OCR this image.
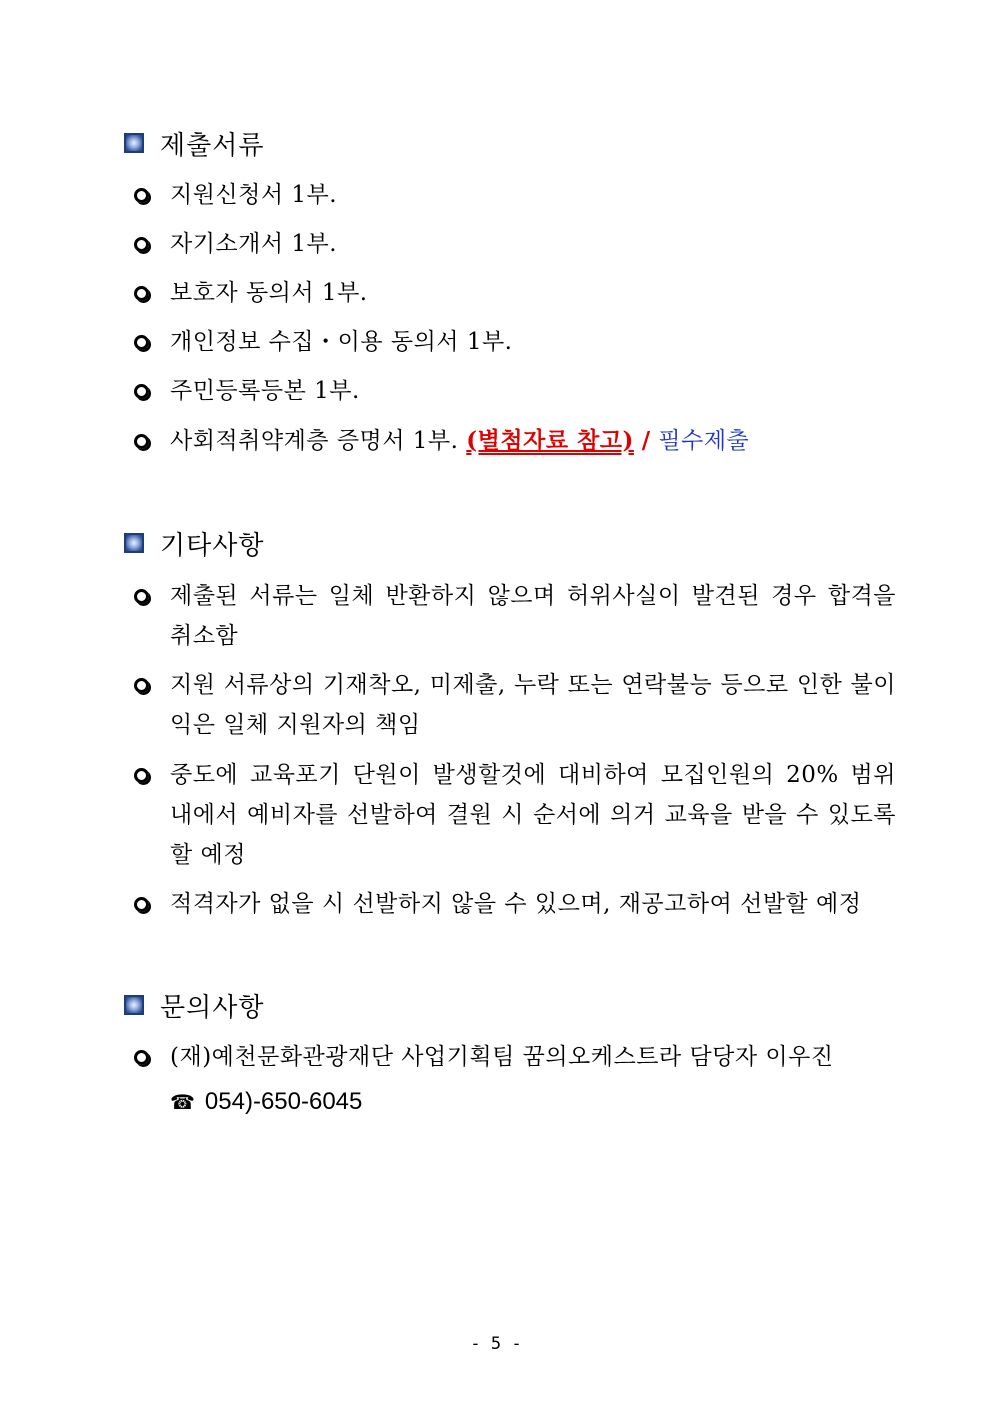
제출서류
지원신청서 1부.
자기소개서 1부.
보호자 동의서 1부.
개인정보 수집・이용 동의서 1부.
주민등록등본 1부.
사회적취약계층 증명서 1부. (별첨자료 참고) / 필수제출
기타사항
제출된 서류는 일체 반환하지 않으며 허위사실이 발견된 경우 합격을 취소함
지원 서류상의 기재착오, 미제출, 누락 또는 연락불능 등으로 인한 불이익은 일체 지원자의 책임
중도에 교육포기 단원이 발생할것에 대비하여 모집인원의 20% 범위 내에서 예비자를 선발하여 결원 시 순서에 의거 교육을 받을 수 있도록 할 예정
적격자가 없을 시 선발하지 않을 수 있으며, 재공고하여 선발할 예정
문의사항
(재)예천문화관광재단 사업기획팀 꿈의오케스트라 담당자 이우진
☎ 054)-650-6045
- 5 -
